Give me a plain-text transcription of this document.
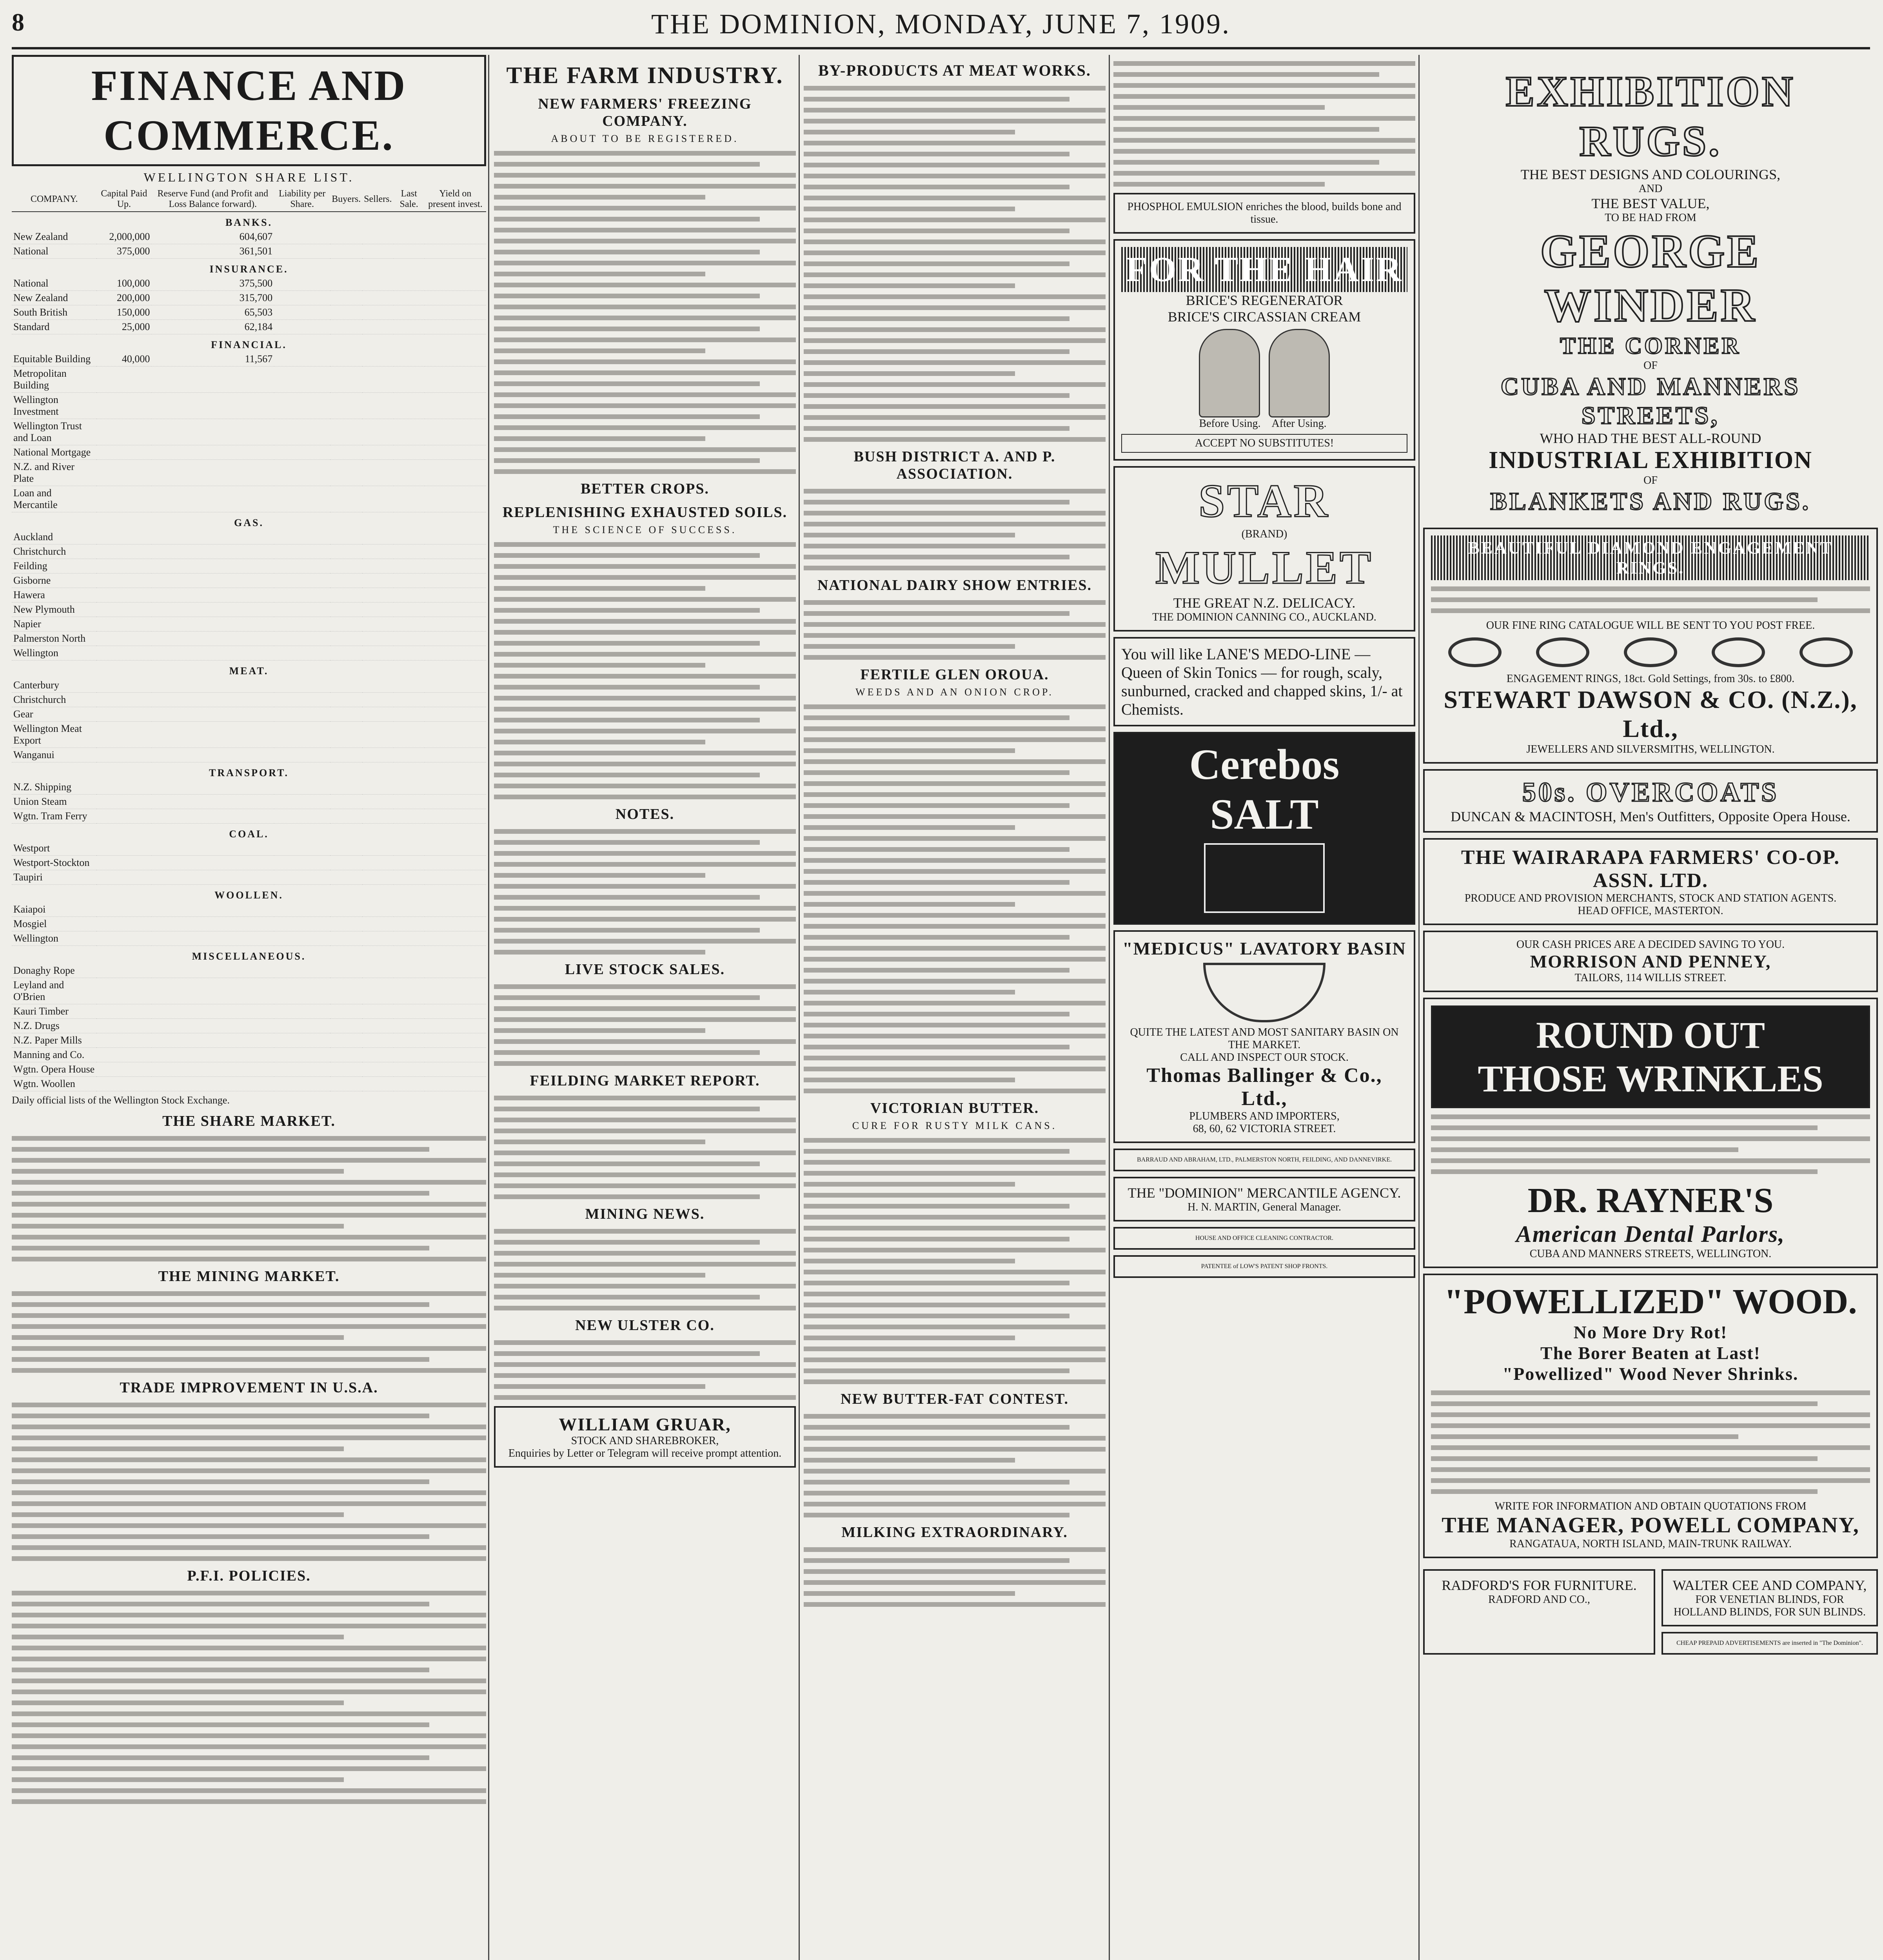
8	THE DOMINION, MONDAY, JUNE 7, 1909.
FINANCE AND COMMERCE.
WELLINGTON SHARE LIST.
COMPANY.	Capital Paid Up.	Reserve Fund (and Profit and Loss Balance forward).	Liability per Share.	Buyers.	Sellers.	Last Sale.	Yield on present invest.
BANKS.							
New Zealand	2,000,000	604,607					
National	375,000	361,501					
INSURANCE.							
National	100,000	375,500					
New Zealand	200,000	315,700					
South British	150,000	65,503					
Standard	25,000	62,184					
FINANCIAL.							
Equitable Building	40,000	11,567					
Metropolitan Building							
Wellington Investment							
Wellington Trust and Loan							
National Mortgage							
N.Z. and River Plate							
Loan and Mercantile							
GAS.							
Auckland							
Christchurch							
Feilding							
Gisborne							
Hawera							
New Plymouth							
Napier							
Palmerston North							
Wellington							
MEAT.							
Canterbury							
Christchurch							
Gear							
Wellington Meat Export							
Wanganui							
TRANSPORT.							
N.Z. Shipping							
Union Steam							
Wgtn. Tram Ferry							
COAL.							
Westport							
Westport-Stockton							
Taupiri							
WOOLLEN.							
Kaiapoi							
Mosgiel							
Wellington							
MISCELLANEOUS.							
Donaghy Rope							
Leyland and O'Brien							
Kauri Timber							
N.Z. Drugs							
N.Z. Paper Mills							
Manning and Co.							
Wgtn. Opera House							
Wgtn. Woollen							
Daily official lists of the Wellington Stock Exchange.
THE SHARE MARKET.
THE MINING MARKET.
TRADE IMPROVEMENT IN U.S.A.
P.F.I. POLICIES.
THE FARM INDUSTRY.
NEW FARMERS' FREEZING COMPANY.
ABOUT TO BE REGISTERED.
BETTER CROPS.
REPLENISHING EXHAUSTED SOILS.
THE SCIENCE OF SUCCESS.
NOTES.
LIVE STOCK SALES.
FEILDING MARKET REPORT.
MINING NEWS.
NEW ULSTER CO.
WILLIAM GRUAR,
STOCK AND SHAREBROKER,
Enquiries by Letter or Telegram will receive prompt attention.
BY-PRODUCTS AT MEAT WORKS.
BUSH DISTRICT A. AND P. ASSOCIATION.
NATIONAL DAIRY SHOW ENTRIES.
FERTILE GLEN OROUA.
WEEDS AND AN ONION CROP.
VICTORIAN BUTTER.
CURE FOR RUSTY MILK CANS.
NEW BUTTER-FAT CONTEST.
MILKING EXTRAORDINARY.
PHOSPHOL EMULSION enriches the blood, builds bone and tissue.
FOR THE HAIR
BRICE'S REGENERATOR
BRICE'S CIRCASSIAN CREAM
Before Using. After Using.
ACCEPT NO SUBSTITUTES!
STAR
(BRAND)
MULLET
THE GREAT N.Z. DELICACY.
THE DOMINION CANNING CO., AUCKLAND.
You will like LANE'S MEDO-LINE — Queen of Skin Tonics — for rough, scaly, sunburned, cracked and chapped skins, 1/- at Chemists.
Cerebos
SALT
"MEDICUS" LAVATORY BASIN
QUITE THE LATEST AND MOST SANITARY BASIN ON THE MARKET.
CALL AND INSPECT OUR STOCK.
Thomas Ballinger & Co., Ltd.,
PLUMBERS AND IMPORTERS,
68, 60, 62 VICTORIA STREET.
BARRAUD AND ABRAHAM, LTD., PALMERSTON NORTH, FEILDING, AND DANNEVIRKE.
THE "DOMINION" MERCANTILE AGENCY.
H. N. MARTIN, General Manager.
HOUSE AND OFFICE CLEANING CONTRACTOR.
PATENTEE of LOW'S PATENT SHOP FRONTS.
EXHIBITION RUGS.
THE BEST DESIGNS AND COLOURINGS,
AND
THE BEST VALUE,
TO BE HAD FROM
GEORGE WINDER
THE CORNER
OF
CUBA AND MANNERS STREETS,
WHO HAD THE BEST ALL-ROUND
INDUSTRIAL EXHIBITION
OF
BLANKETS AND RUGS.
BEAUTIFUL DIAMOND ENGAGEMENT RINGS.
OUR FINE RING CATALOGUE WILL BE SENT TO YOU POST FREE.
ENGAGEMENT RINGS, 18ct. Gold Settings, from 30s. to £800.
STEWART DAWSON & CO. (N.Z.), Ltd.,
JEWELLERS AND SILVERSMITHS, WELLINGTON.
50s. OVERCOATS
DUNCAN & MACINTOSH, Men's Outfitters, Opposite Opera House.
THE WAIRARAPA FARMERS' CO-OP. ASSN. LTD.
PRODUCE AND PROVISION MERCHANTS, STOCK AND STATION AGENTS.
HEAD OFFICE, MASTERTON.
OUR CASH PRICES ARE A DECIDED SAVING TO YOU.
MORRISON AND PENNEY,
TAILORS, 114 WILLIS STREET.
ROUND OUT
THOSE WRINKLES
DR. RAYNER'S
American Dental Parlors,
CUBA AND MANNERS STREETS, WELLINGTON.
"POWELLIZED" WOOD.
No More Dry Rot!
The Borer Beaten at Last!
"Powellized" Wood Never Shrinks.
WRITE FOR INFORMATION AND OBTAIN QUOTATIONS FROM
THE MANAGER, POWELL COMPANY,
RANGATAUA, NORTH ISLAND, MAIN-TRUNK RAILWAY.
RADFORD'S FOR FURNITURE.
RADFORD AND CO.,
WALTER CEE AND COMPANY,
FOR VENETIAN BLINDS, FOR HOLLAND BLINDS, FOR SUN BLINDS.
CHEAP PREPAID ADVERTISEMENTS are inserted in "The Dominion".
